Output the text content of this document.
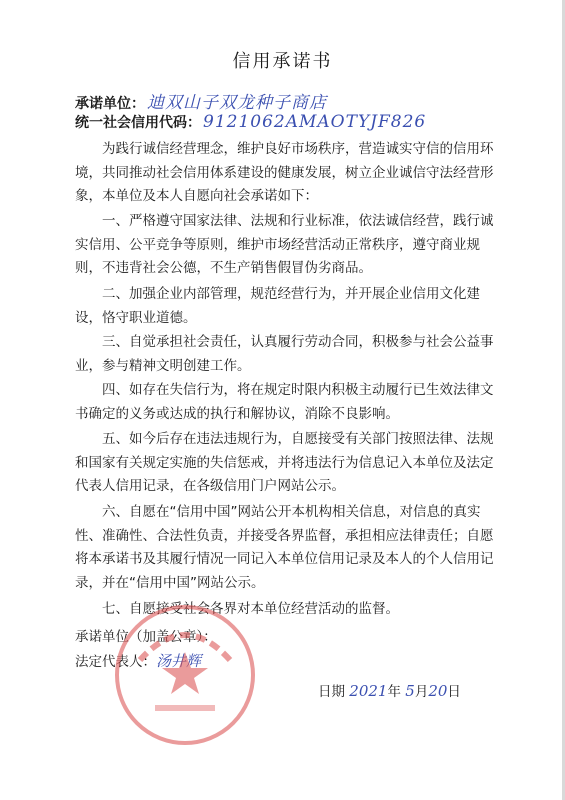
信用承诺书
承诺单位： 迪双山子双龙种子商店
统一社会信用代码： 9121062AMAOTYJF826

为践行诚信经营理念，维护良好市场秩序，营造诚实守信的信用环境，共同推动社会信用体系建设的健康发展，树立企业诚信守法经营形象，本单位及本人自愿向社会承诺如下：

一、严格遵守国家法律、法规和行业标准，依法诚信经营，践行诚实信用、公平竞争等原则，维护市场经营活动正常秩序，遵守商业规则，不违背社会公德，不生产销售假冒伪劣商品。

二、加强企业内部管理，规范经营行为，并开展企业信用文化建设，恪守职业道德。

三、自觉承担社会责任，认真履行劳动合同，积极参与社会公益事业，参与精神文明创建工作。

四、如存在失信行为，将在规定时限内积极主动履行已生效法律文书确定的义务或达成的执行和解协议，消除不良影响。

五、如今后存在违法违规行为，自愿接受有关部门按照法律、法规和国家有关规定实施的失信惩戒，并将违法行为信息记入本单位及法定代表人信用记录，在各级信用门户网站公示。

六、自愿在“信用中国”网站公开本机构相关信息，对信息的真实性、准确性、合法性负责，并接受各界监督，承担相应法律责任；自愿将本承诺书及其履行情况一同记入本单位信用记录及本人的个人信用记录，并在“信用中国”网站公示。

七、自愿接受社会各界对本单位经营活动的监督。

承诺单位（加盖公章）：
法定代表人：汤井辉
日期 2021年 5月20日
